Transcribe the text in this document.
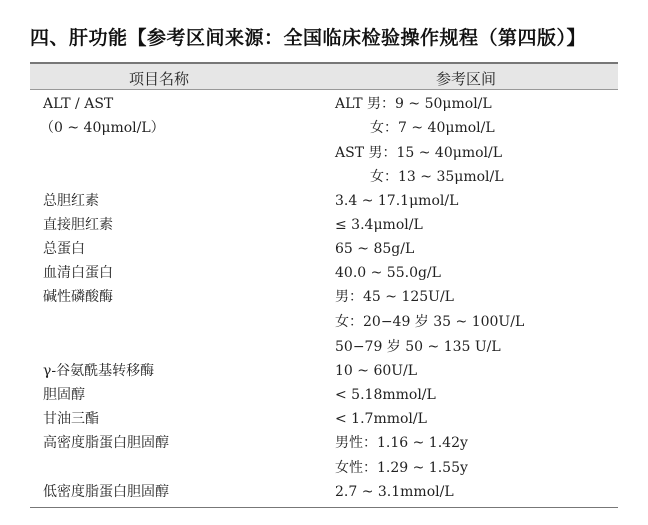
四、肝功能【参考区间来源：全国临床检验操作规程（第四版）】
项目名称	参考区间
ALT / AST
（0 ~ 40μmol/L）
总胆红素
直接胆红素
总蛋白
血清白蛋白
碱性磷酸酶
γ-谷氨酰基转移酶
胆固醇
甘油三酯
高密度脂蛋白胆固醇
低密度脂蛋白胆固醇
ALT 男：9 ~ 50μmol/L
女：7 ~ 40μmol/L
AST 男：15 ~ 40μmol/L
女：13 ~ 35μmol/L
3.4 ~ 17.1μmol/L
≤ 3.4μmol/L
65 ~ 85g/L
40.0 ~ 55.0g/L
男：45 ~ 125U/L
女：20−49 岁 35 ~ 100U/L
50−79 岁 50 ~ 135 U/L
10 ~ 60U/L
< 5.18mmol/L
< 1.7mmol/L
男性：1.16 ~ 1.42y
女性：1.29 ~ 1.55y
2.7 ~ 3.1mmol/L
